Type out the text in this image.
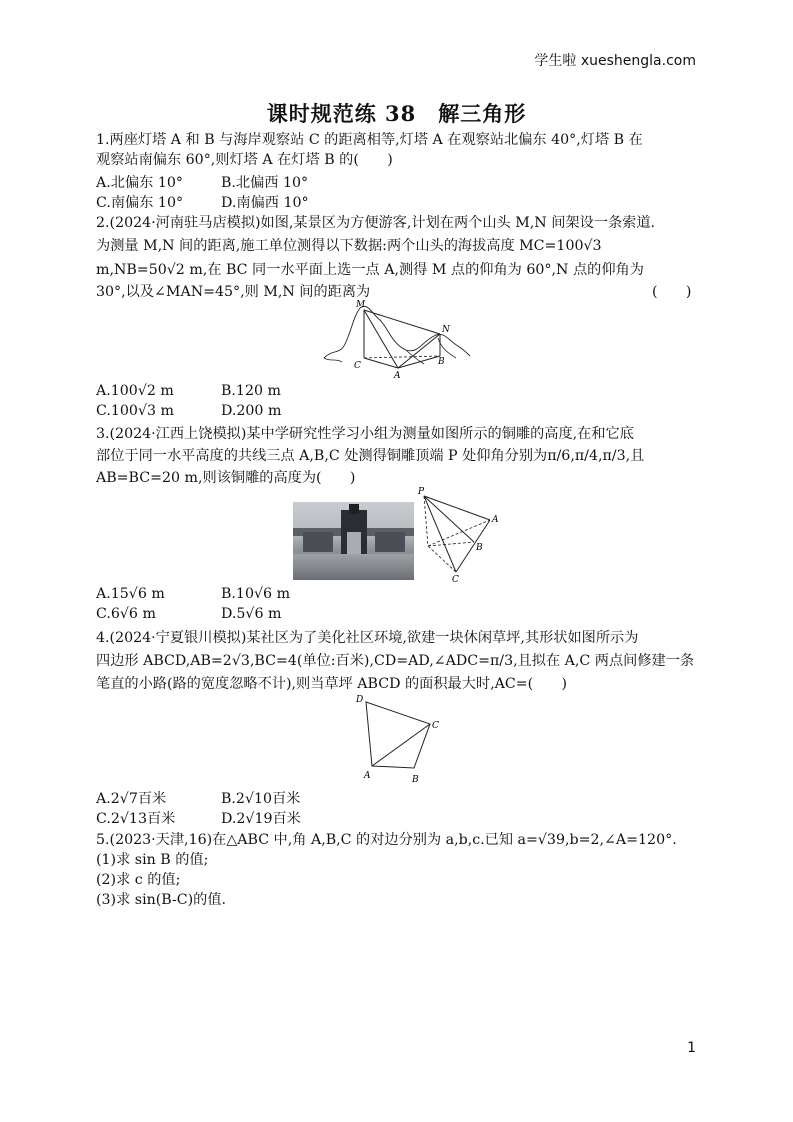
学生啦 xueshengla.com
课时规范练 38　解三角形
1.两座灯塔 A 和 B 与海岸观察站 C 的距离相等,灯塔 A 在观察站北偏东 40°,灯塔 B 在
观察站南偏东 60°,则灯塔 A 在灯塔 B 的(　　)
A.北偏东 10°	B.北偏西 10°
C.南偏东 10°	D.南偏西 10°
2.(2024·河南驻马店模拟)如图,某景区为方便游客,计划在两个山头 M,N 间架设一条索道.
为测量 M,N 间的距离,施工单位测得以下数据:两个山头的海拔高度 MC=100√3
m,NB=50√2 m,在 BC 同一水平面上选一点 A,测得 M 点的仰角为 60°,N 点的仰角为
30°,以及∠MAN=45°,则 M,N 间的距离为	(　　)
M
N
C
A
B
A.100√2 m	B.120 m
C.100√3 m	D.200 m
3.(2024·江西上饶模拟)某中学研究性学习小组为测量如图所示的铜雕的高度,在和它底
部位于同一水平高度的共线三点 A,B,C 处测得铜雕顶端 P 处仰角分别为π/6,π/4,π/3,且
AB=BC=20 m,则该铜雕的高度为(　　)
P
A
B
C
A.15√6 m	B.10√6 m
C.6√6 m	D.5√6 m
4.(2024·宁夏银川模拟)某社区为了美化社区环境,欲建一块休闲草坪,其形状如图所示为
四边形 ABCD,AB=2√3,BC=4(单位:百米),CD=AD,∠ADC=π/3,且拟在 A,C 两点间修建一条
笔直的小路(路的宽度忽略不计),则当草坪 ABCD 的面积最大时,AC=(　　)
D
C
A	B
A.2√7百米	B.2√10百米
C.2√13百米	D.2√19百米
5.(2023·天津,16)在△ABC 中,角 A,B,C 的对边分别为 a,b,c.已知 a=√39,b=2,∠A=120°.
(1)求 sin B 的值;
(2)求 c 的值;
(3)求 sin(B-C)的值.
1
